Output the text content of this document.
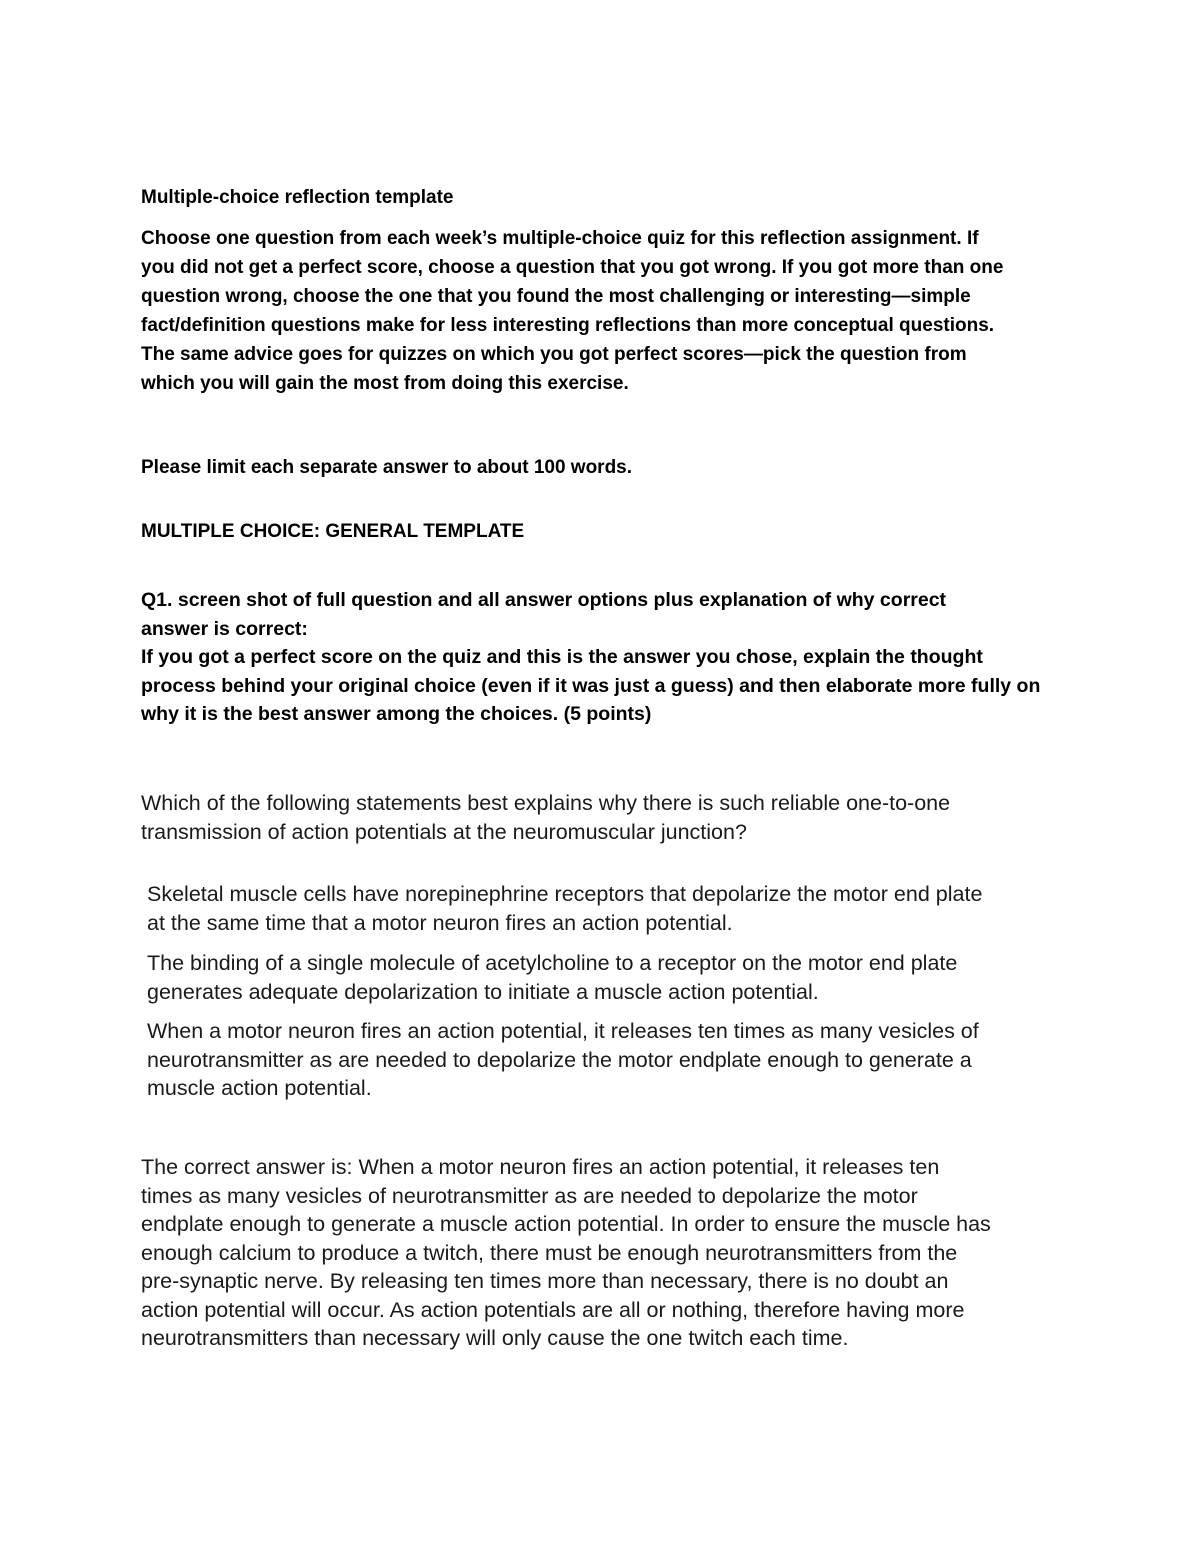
Multiple-choice reflection template

Choose one question from each week’s multiple-choice quiz for this reflection assignment. If
you did not get a perfect score, choose a question that you got wrong. If you got more than one
question wrong, choose the one that you found the most challenging or interesting—simple
fact/definition questions make for less interesting reflections than more conceptual questions.
The same advice goes for quizzes on which you got perfect scores—pick the question from
which you will gain the most from doing this exercise.

Please limit each separate answer to about 100 words.

MULTIPLE CHOICE: GENERAL TEMPLATE

Q1. screen shot of full question and all answer options plus explanation of why correct
answer is correct:

If you got a perfect score on the quiz and this is the answer you chose, explain the thought
process behind your original choice (even if it was just a guess) and then elaborate more fully on
why it is the best answer among the choices. (5 points)

Which of the following statements best explains why there is such reliable one-to-one
transmission of action potentials at the neuromuscular junction?

Skeletal muscle cells have norepinephrine receptors that depolarize the motor end plate
at the same time that a motor neuron fires an action potential.

The binding of a single molecule of acetylcholine to a receptor on the motor end plate
generates adequate depolarization to initiate a muscle action potential.

When a motor neuron fires an action potential, it releases ten times as many vesicles of
neurotransmitter as are needed to depolarize the motor endplate enough to generate a
muscle action potential.

The correct answer is: When a motor neuron fires an action potential, it releases ten
times as many vesicles of neurotransmitter as are needed to depolarize the motor
endplate enough to generate a muscle action potential. In order to ensure the muscle has
enough calcium to produce a twitch, there must be enough neurotransmitters from the
pre-synaptic nerve. By releasing ten times more than necessary, there is no doubt an
action potential will occur. As action potentials are all or nothing, therefore having more
neurotransmitters than necessary will only cause the one twitch each time.
